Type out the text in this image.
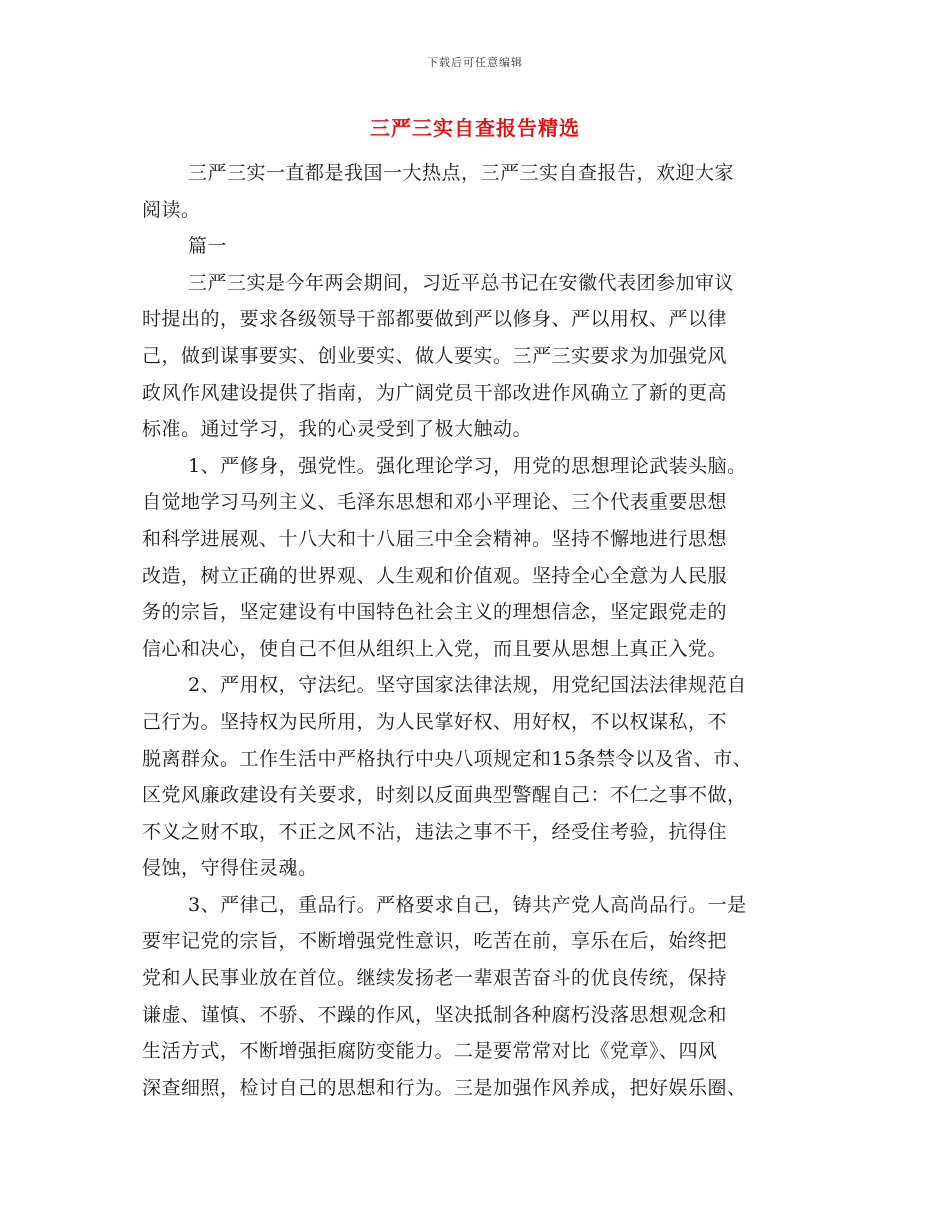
下载后可任意编辑
三严三实自查报告精选
三严三实一直都是我国一大热点，三严三实自查报告，欢迎大家
阅读。
篇一
三严三实是今年两会期间，习近平总书记在安徽代表团参加审议
时提出的，要求各级领导干部都要做到严以修身、严以用权、严以律
己，做到谋事要实、创业要实、做人要实。三严三实要求为加强党风
政风作风建设提供了指南，为广阔党员干部改进作风确立了新的更高
标准。通过学习，我的心灵受到了极大触动。
1、严修身，强党性。强化理论学习，用党的思想理论武装头脑。
自觉地学习马列主义、毛泽东思想和邓小平理论、三个代表重要思想
和科学进展观、十八大和十八届三中全会精神。坚持不懈地进行思想
改造，树立正确的世界观、人生观和价值观。坚持全心全意为人民服
务的宗旨，坚定建设有中国特色社会主义的理想信念，坚定跟党走的
信心和决心，使自己不但从组织上入党，而且要从思想上真正入党。
2、严用权，守法纪。坚守国家法律法规，用党纪国法法律规范自
己行为。坚持权为民所用，为人民掌好权、用好权，不以权谋私，不
脱离群众。工作生活中严格执行中央八项规定和15条禁令以及省、市、
区党风廉政建设有关要求，时刻以反面典型警醒自己：不仁之事不做，
不义之财不取，不正之风不沾，违法之事不干，经受住考验，抗得住
侵蚀，守得住灵魂。
3、严律己，重品行。严格要求自己，铸共产党人高尚品行。一是
要牢记党的宗旨，不断增强党性意识，吃苦在前，享乐在后，始终把
党和人民事业放在首位。继续发扬老一辈艰苦奋斗的优良传统，保持
谦虚、谨慎、不骄、不躁的作风，坚决抵制各种腐朽没落思想观念和
生活方式，不断增强拒腐防变能力。二是要常常对比《党章》、四风
深查细照，检讨自己的思想和行为。三是加强作风养成，把好娱乐圈、
